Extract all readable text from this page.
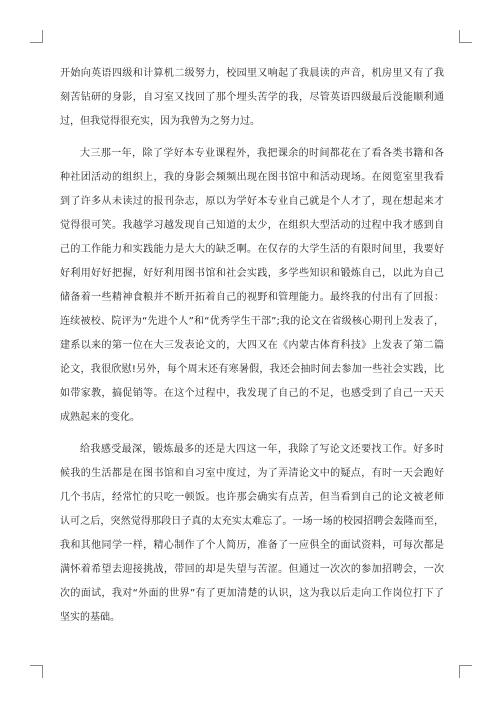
开始向英语四级和计算机二级努力，校园里又响起了我晨读的声音，机房里又有了我
刻苦钻研的身影，自习室又找回了那个埋头苦学的我，尽管英语四级最后没能顺利通
过，但我觉得很充实，因为我曾为之努力过。
大三那一年，除了学好本专业课程外，我把课余的时间都花在了看各类书籍和各
种社团活动的组织上，我的身影会频频出现在图书馆中和活动现场。在阅览室里我看
到了许多从未读过的报刊杂志，原以为学好本专业自己就是个人才了，现在想起来才
觉得很可笑。我越学习越发现自己知道的太少，在组织大型活动的过程中我才感到自
己的工作能力和实践能力是大大的缺乏啊。在仅存的大学生活的有限时间里，我要好
好利用好好把握，好好利用图书馆和社会实践，多学些知识和锻炼自己，以此为自己
储备着一些精神食粮并不断开拓着自己的视野和管理能力。最终我的付出有了回报：
连续被校、院评为“先进个人”和“优秀学生干部”;我的论文在省级核心期刊上发表了，
建系以来的第一位在大三发表论文的，大四又在《内蒙古体育科技》上发表了第二篇
论文，我很欣慰!另外，每个周末还有寒暑假，我还会抽时间去参加一些社会实践，比
如带家教，搞促销等。在这个过程中，我发现了自己的不足，也感受到了自己一天天
成熟起来的变化。
给我感受最深，锻炼最多的还是大四这一年，我除了写论文还要找工作。好多时
候我的生活都是在图书馆和自习室中度过，为了弄清论文中的疑点，有时一天会跑好
几个书店，经常忙的只吃一顿饭。也许那会确实有点苦，但当看到自己的论文被老师
认可之后，突然觉得那段日子真的太充实太难忘了。一场一场的校园招聘会轰隆而至，
我和其他同学一样，精心制作了个人简历，准备了一应俱全的面试资料，可每次都是
满怀着希望去迎接挑战，带回的却是失望与苦涩。但通过一次次的参加招聘会，一次
次的面试，我对“外面的世界”有了更加清楚的认识，这为我以后走向工作岗位打下了
坚实的基础。
